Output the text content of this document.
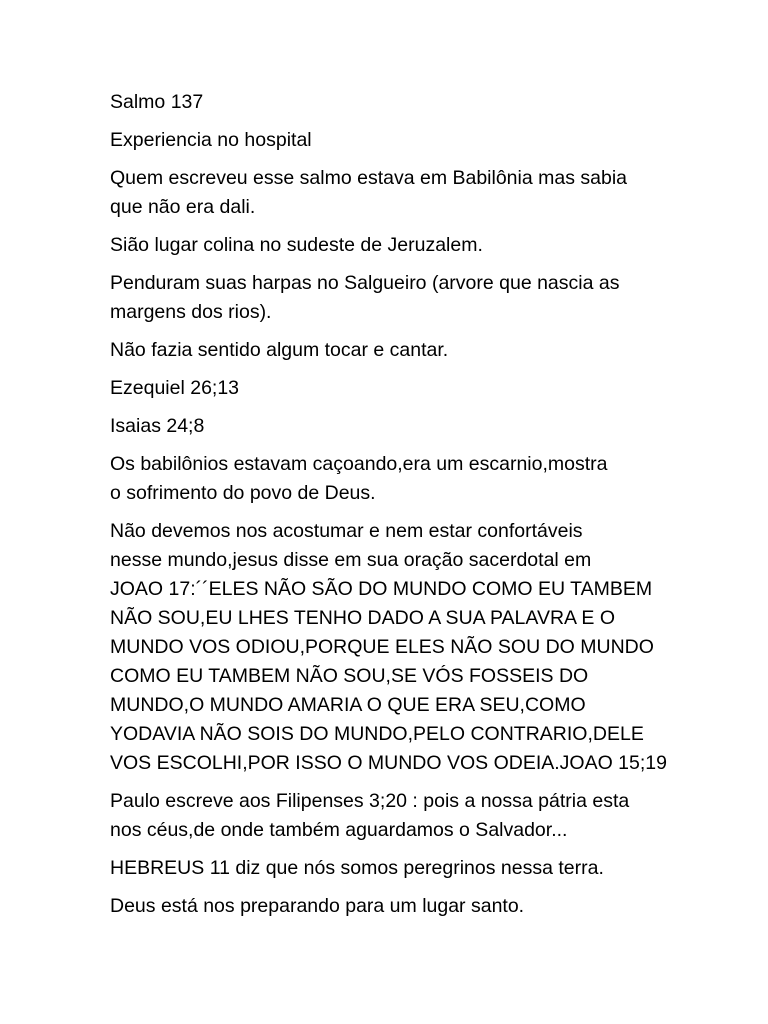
Salmo 137

Experiencia no hospital

Quem escreveu esse salmo estava em Babilônia mas sabia
que não era dali.

Sião lugar colina no sudeste de Jeruzalem.

Penduram suas harpas no Salgueiro (arvore que nascia as
margens dos rios).

Não fazia sentido algum tocar e cantar.

Ezequiel 26;13

Isaias 24;8

Os babilônios estavam caçoando,era um escarnio,mostra
o sofrimento do povo de Deus.

Não devemos nos acostumar e nem estar confortáveis
nesse mundo,jesus disse em sua oração sacerdotal em
JOAO 17:´´ELES NÃO SÃO DO MUNDO COMO EU TAMBEM
NÃO SOU,EU LHES TENHO DADO A SUA PALAVRA E O
MUNDO VOS ODIOU,PORQUE ELES NÃO SOU DO MUNDO
COMO EU TAMBEM NÃO SOU,SE VÓS FOSSEIS DO
MUNDO,O MUNDO AMARIA O QUE ERA SEU,COMO
YODAVIA NÃO SOIS DO MUNDO,PELO CONTRARIO,DELE
VOS ESCOLHI,POR ISSO O MUNDO VOS ODEIA.JOAO 15;19

Paulo escreve aos Filipenses 3;20 : pois a nossa pátria esta
nos céus,de onde também aguardamos o Salvador...

HEBREUS 11 diz que nós somos peregrinos nessa terra.

Deus está nos preparando para um lugar santo.
